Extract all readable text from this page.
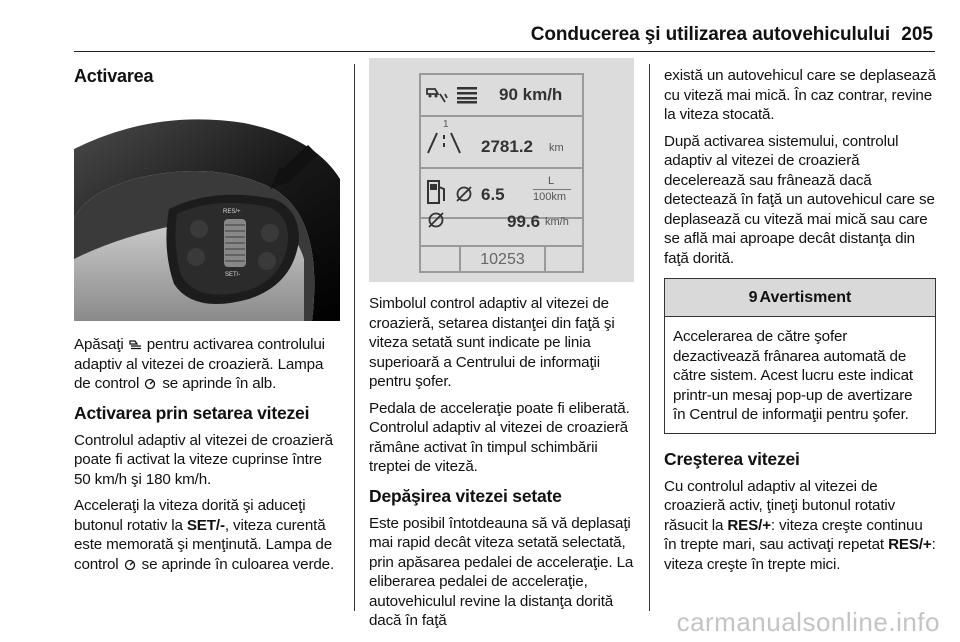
Conducerea şi utilizarea autovehiculului 205
Activarea
RES/+
SET/-

Apăsaţi  pentru activarea controlului adaptiv al vitezei de croazieră. Lampa de control  se aprinde în alb.

Activarea prin setarea vitezei

Controlul adaptiv al vitezei de croazieră poate fi activat la viteze cuprinse între 50 km/h şi 180 km/h.

Acceleraţi la viteza dorită şi aduceţi butonul rotativ la SET/-, viteza curentă este memorată şi menţinută. Lampa de control  se aprinde în culoarea verde.

90 km/h
1
2781.2 km
6.5
L
100km
99.6 km/h
10253

Simbolul control adaptiv al vitezei de croazieră, setarea distanţei din faţă şi viteza setată sunt indicate pe linia superioară a Centrului de informaţii pentru şofer.

Pedala de acceleraţie poate fi eliberată. Controlul adaptiv al vitezei de croazieră rămâne activat în timpul schimbării treptei de viteză.

Depăşirea vitezei setate

Este posibil întotdeauna să vă deplasaţi mai rapid decât viteza setată selectată, prin apăsarea pedalei de acceleraţie. La eliberarea pedalei de acceleraţie, autovehiculul revine la distanţa dorită dacă în faţă

există un autovehicul care se deplasează cu viteză mai mică. În caz contrar, revine la viteza stocată.

După activarea sistemului, controlul adaptiv al vitezei de croazieră decelerează sau frânează dacă detectează în faţă un autovehicul care se deplasează cu viteză mai mică sau care se află mai aproape decât distanţa din faţă dorită.

9 Avertisment

Accelerarea de către şofer dezactivează frânarea automată de către sistem. Acest lucru este indicat printr-un mesaj pop-up de avertizare în Centrul de informaţii pentru şofer.

Creşterea vitezei

Cu controlul adaptiv al vitezei de croazieră activ, ţineţi butonul rotativ răsucit la RES/+: viteza creşte continuu în trepte mari, sau activaţi repetat RES/+: viteza creşte în trepte mici.

carmanualsonline.info
